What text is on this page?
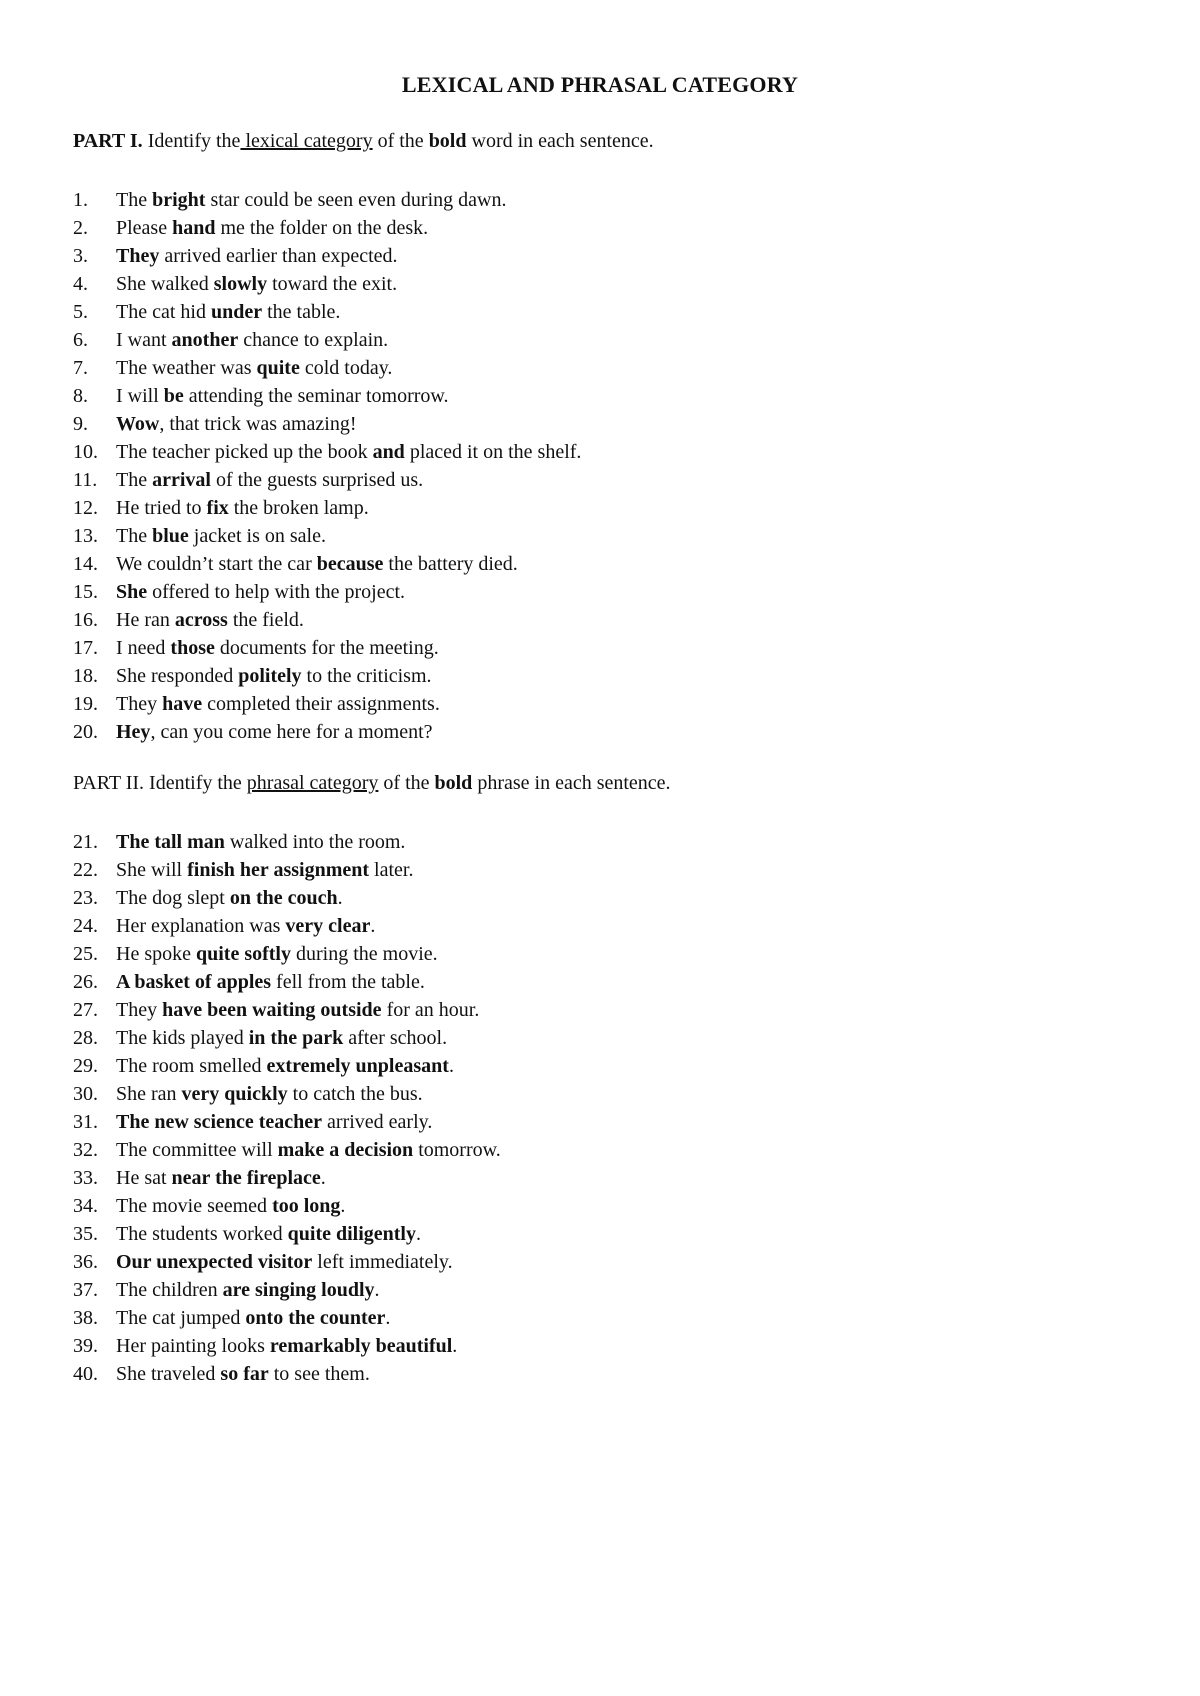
LEXICAL AND PHRASAL CATEGORY
PART I. Identify the lexical category of the bold word in each sentence.
1. The bright star could be seen even during dawn.
2. Please hand me the folder on the desk.
3. They arrived earlier than expected.
4. She walked slowly toward the exit.
5. The cat hid under the table.
6. I want another chance to explain.
7. The weather was quite cold today.
8. I will be attending the seminar tomorrow.
9. Wow, that trick was amazing!
10. The teacher picked up the book and placed it on the shelf.
11. The arrival of the guests surprised us.
12. He tried to fix the broken lamp.
13. The blue jacket is on sale.
14. We couldn’t start the car because the battery died.
15. She offered to help with the project.
16. He ran across the field.
17. I need those documents for the meeting.
18. She responded politely to the criticism.
19. They have completed their assignments.
20. Hey, can you come here for a moment?
PART II. Identify the phrasal category of the bold phrase in each sentence.
21. The tall man walked into the room.
22. She will finish her assignment later.
23. The dog slept on the couch.
24. Her explanation was very clear.
25. He spoke quite softly during the movie.
26. A basket of apples fell from the table.
27. They have been waiting outside for an hour.
28. The kids played in the park after school.
29. The room smelled extremely unpleasant.
30. She ran very quickly to catch the bus.
31. The new science teacher arrived early.
32. The committee will make a decision tomorrow.
33. He sat near the fireplace.
34. The movie seemed too long.
35. The students worked quite diligently.
36. Our unexpected visitor left immediately.
37. The children are singing loudly.
38. The cat jumped onto the counter.
39. Her painting looks remarkably beautiful.
40. She traveled so far to see them.
